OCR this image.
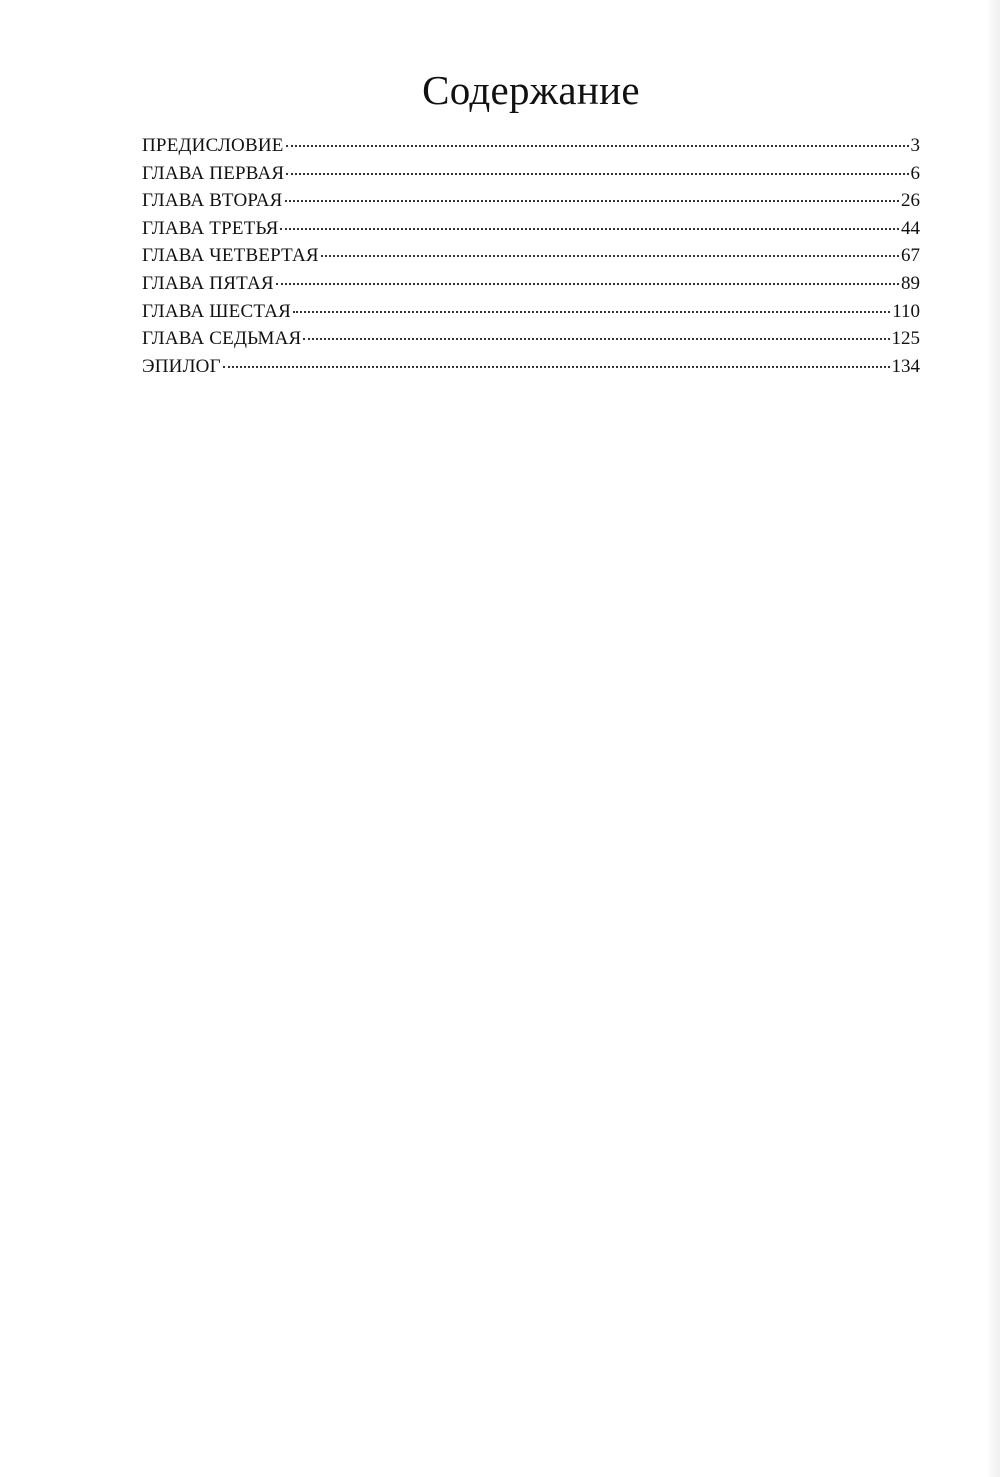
Содержание
ПРЕДИСЛОВИЕ	3
ГЛАВА ПЕРВАЯ	6
ГЛАВА ВТОРАЯ	26
ГЛАВА ТРЕТЬЯ	44
ГЛАВА ЧЕТВЕРТАЯ	67
ГЛАВА ПЯТАЯ	89
ГЛАВА ШЕСТАЯ	110
ГЛАВА СЕДЬМАЯ	125
ЭПИЛОГ	134
